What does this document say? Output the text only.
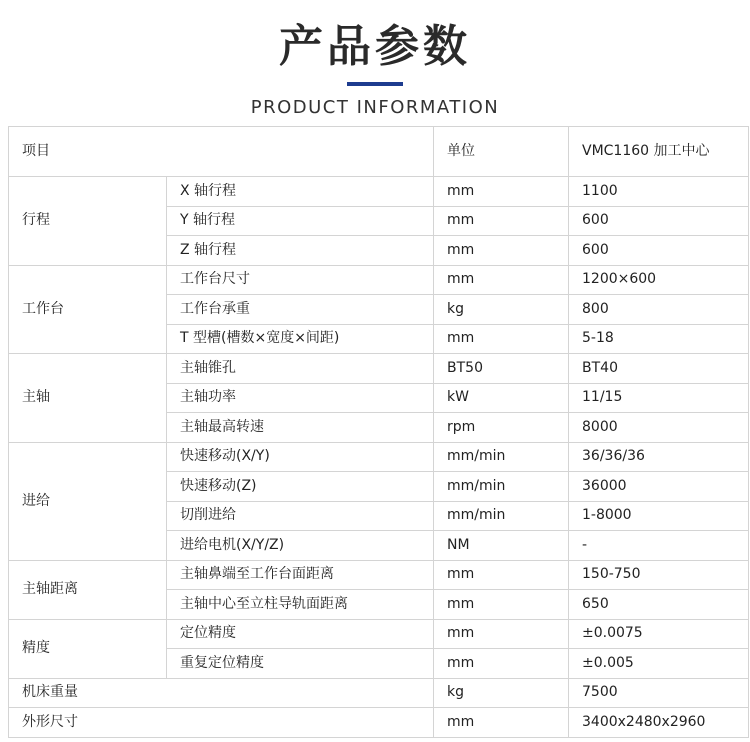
产品参数
PRODUCT INFORMATION
项目		单位	VMC1160 加工中心
行程	X 轴行程	mm	1100
	Y 轴行程	mm	600
	Z 轴行程	mm	600
工作台	工作台尺寸	mm	1200×600
	工作台承重	kg	800
	T 型槽(槽数×宽度×间距)	mm	5-18
主轴	主轴锥孔	BT50	BT40
	主轴功率	kW	11/15
	主轴最高转速	rpm	8000
进给	快速移动(X/Y)	mm/min	36/36/36
	快速移动(Z)	mm/min	36000
	切削进给	mm/min	1-8000
	进给电机(X/Y/Z)	NM	-
主轴距离	主轴鼻端至工作台面距离	mm	150-750
	主轴中心至立柱导轨面距离	mm	650
精度	定位精度	mm	±0.0075
	重复定位精度	mm	±0.005
机床重量		kg	7500
外形尺寸		mm	3400x2480x2960
